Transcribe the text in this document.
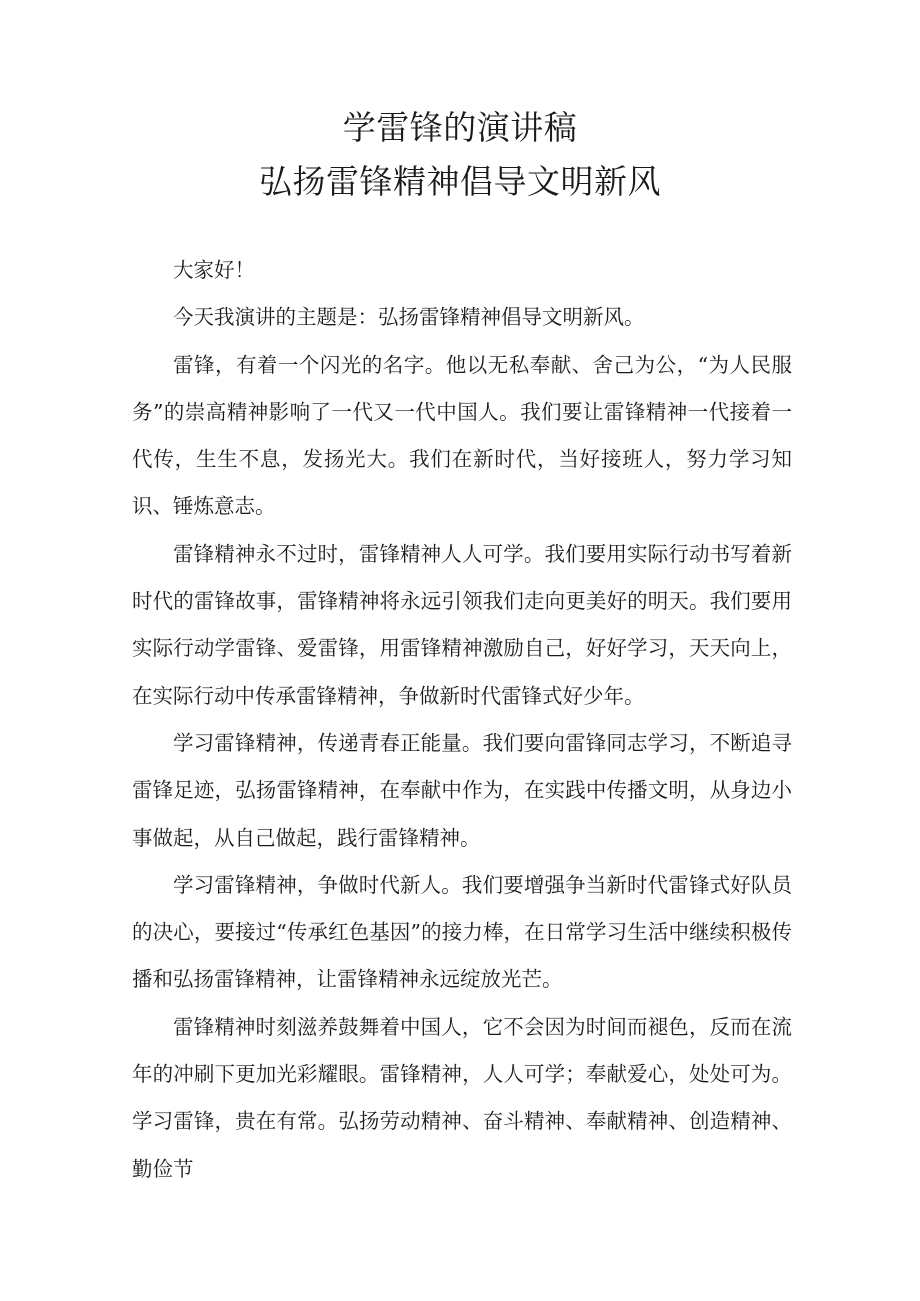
学雷锋的演讲稿
弘扬雷锋精神倡导文明新风

大家好！

今天我演讲的主题是：弘扬雷锋精神倡导文明新风。

雷锋，有着一个闪光的名字。他以无私奉献、舍己为公，“为人民服务”的崇高精神影响了一代又一代中国人。我们要让雷锋精神一代接着一代传，生生不息，发扬光大。我们在新时代，当好接班人，努力学习知识、锤炼意志。

雷锋精神永不过时，雷锋精神人人可学。我们要用实际行动书写着新时代的雷锋故事，雷锋精神将永远引领我们走向更美好的明天。我们要用实际行动学雷锋、爱雷锋，用雷锋精神激励自己，好好学习，天天向上，在实际行动中传承雷锋精神，争做新时代雷锋式好少年。

学习雷锋精神，传递青春正能量。我们要向雷锋同志学习，不断追寻雷锋足迹，弘扬雷锋精神，在奉献中作为，在实践中传播文明，从身边小事做起，从自己做起，践行雷锋精神。

学习雷锋精神，争做时代新人。我们要增强争当新时代雷锋式好队员的决心，要接过“传承红色基因”的接力棒，在日常学习生活中继续积极传播和弘扬雷锋精神，让雷锋精神永远绽放光芒。

雷锋精神时刻滋养鼓舞着中国人，它不会因为时间而褪色，反而在流年的冲刷下更加光彩耀眼。雷锋精神，人人可学；奉献爱心，处处可为。学习雷锋，贵在有常。弘扬劳动精神、奋斗精神、奉献精神、创造精神、勤俭节
